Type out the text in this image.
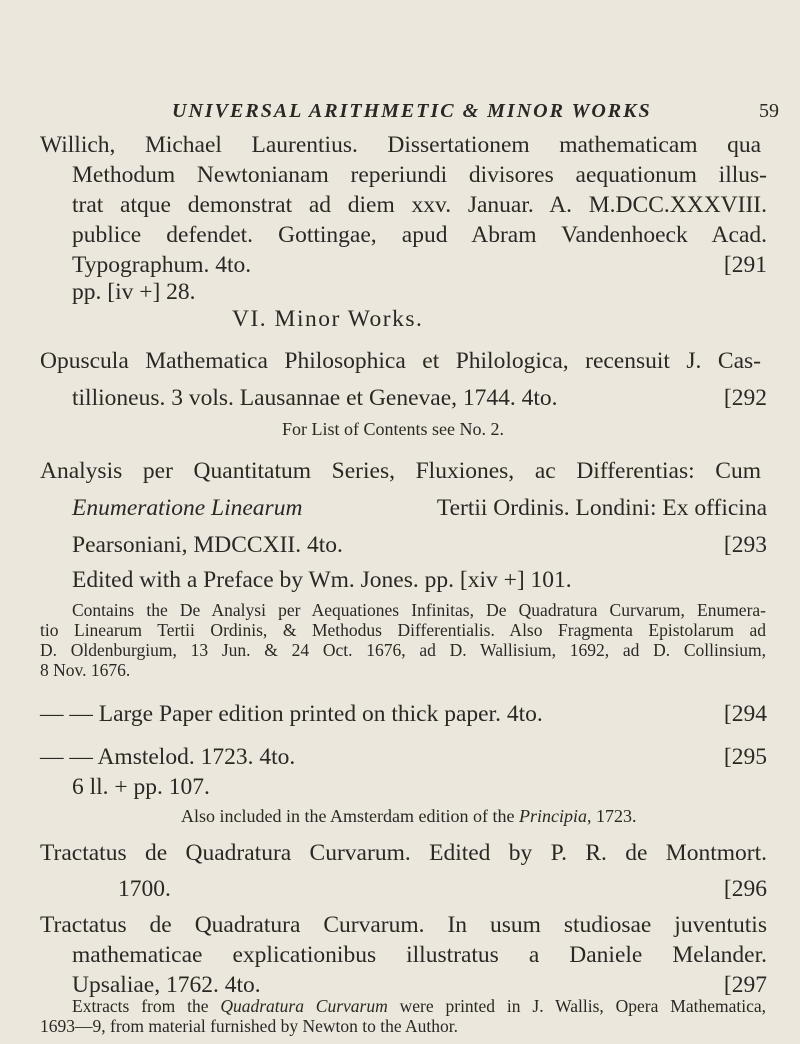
UNIVERSAL ARITHMETIC & MINOR WORKS	59
Willich, Michael Laurentius. Dissertationem mathematicam qua
Methodum Newtonianam reperiundi divisores aequationum illus-
trat atque demonstrat ad diem xxv. Januar. A. M.DCC.XXXVIII.
publice defendet. Gottingae, apud Abram Vandenhoeck Acad.
Typographum. 4to.	[291
pp. [iv +] 28.
VI. Minor Works.
Opuscula Mathematica Philosophica et Philologica, recensuit J. Cas-
tillioneus. 3 vols. Lausannae et Genevae, 1744. 4to.	[292
For List of Contents see No. 2.
Analysis per Quantitatum Series, Fluxiones, ac Differentias: Cum
Enumeratione Linearum	Tertii Ordinis. Londini: Ex officina
Pearsoniani, MDCCXII. 4to.	[293
Edited with a Preface by Wm. Jones. pp. [xiv +] 101.
Contains the De Analysi per Aequationes Infinitas, De Quadratura Curvarum, Enumera-
tio Linearum Tertii Ordinis, & Methodus Differentialis. Also Fragmenta Epistolarum ad
D. Oldenburgium, 13 Jun. & 24 Oct. 1676, ad D. Wallisium, 1692, ad D. Collinsium,
8 Nov. 1676.
— — Large Paper edition printed on thick paper. 4to.	[294
— — Amstelod. 1723. 4to.	[295
6 ll. + pp. 107.
Also included in the Amsterdam edition of the Principia, 1723.
Tractatus de Quadratura Curvarum. Edited by P. R. de Montmort.
1700.	[296
Tractatus de Quadratura Curvarum. In usum studiosae juventutis
mathematicae explicationibus illustratus a Daniele Melander.
Upsaliae, 1762. 4to.	[297
Extracts from the Quadratura Curvarum were printed in J. Wallis, Opera Mathematica,
1693—9, from material furnished by Newton to the Author.
